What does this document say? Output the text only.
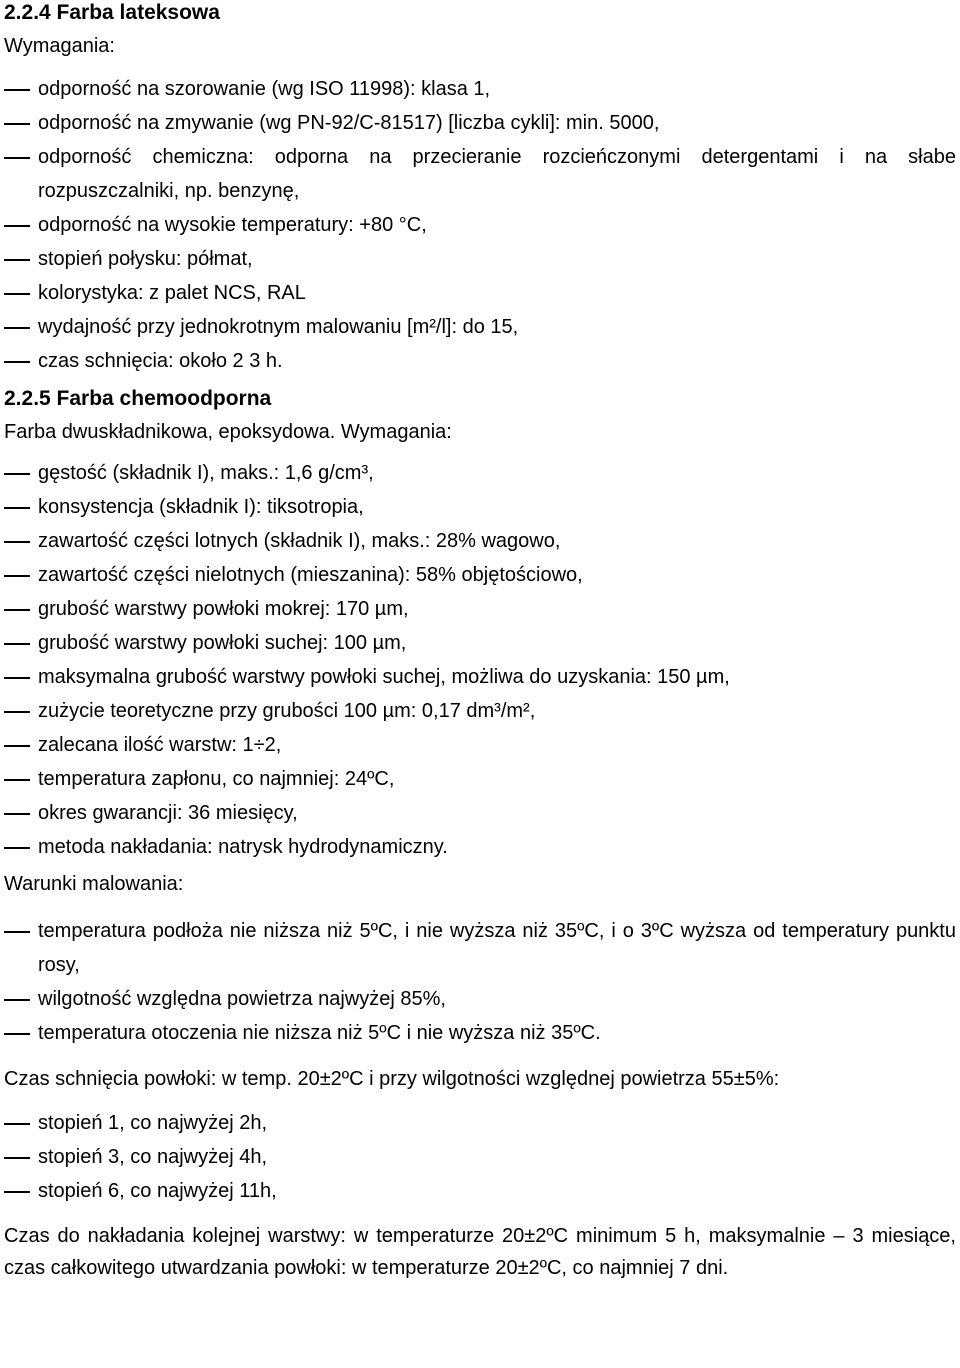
2.2.4 Farba lateksowa

Wymagania:

odporność na szorowanie (wg ISO 11998): klasa 1,
odporność na zmywanie (wg PN-92/C-81517) [liczba cykli]: min. 5000,
odporność chemiczna: odporna na przecieranie rozcieńczonymi detergentami i na słabe rozpuszczalniki, np. benzynę,
odporność na wysokie temperatury: +80 °C,
stopień połysku: półmat,
kolorystyka: z palet NCS, RAL
wydajność przy jednokrotnym malowaniu [m²/l]: do 15,
czas schnięcia: około 2 3 h.
2.2.5 Farba chemoodporna

Farba dwuskładnikowa, epoksydowa. Wymagania:

gęstość (składnik I), maks.: 1,6 g/cm³,
konsystencja (składnik I): tiksotropia,
zawartość części lotnych (składnik I), maks.: 28% wagowo,
zawartość części nielotnych (mieszanina): 58% objętościowo,
grubość warstwy powłoki mokrej: 170 µm,
grubość warstwy powłoki suchej: 100 µm,
maksymalna grubość warstwy powłoki suchej, możliwa do uzyskania: 150 µm,
zużycie teoretyczne przy grubości 100 µm: 0,17 dm³/m²,
zalecana ilość warstw: 1÷2,
temperatura zapłonu, co najmniej: 24ºC,
okres gwarancji: 36 miesięcy,
metoda nakładania: natrysk hydrodynamiczny.

Warunki malowania:

temperatura podłoża nie niższa niż 5ºC, i nie wyższa niż 35ºC, i o 3ºC wyższa od temperatury punktu rosy,
wilgotność względna powietrza najwyżej 85%,
temperatura otoczenia nie niższa niż 5ºC i nie wyższa niż 35ºC.

Czas schnięcia powłoki: w temp. 20±2ºC i przy wilgotności względnej powietrza 55±5%:

stopień 1, co najwyżej 2h,
stopień 3, co najwyżej 4h,
stopień 6, co najwyżej 11h,

Czas do nakładania kolejnej warstwy: w temperaturze 20±2ºC minimum 5 h, maksymalnie – 3 miesiące, czas całkowitego utwardzania powłoki: w temperaturze 20±2ºC, co najmniej 7 dni.
